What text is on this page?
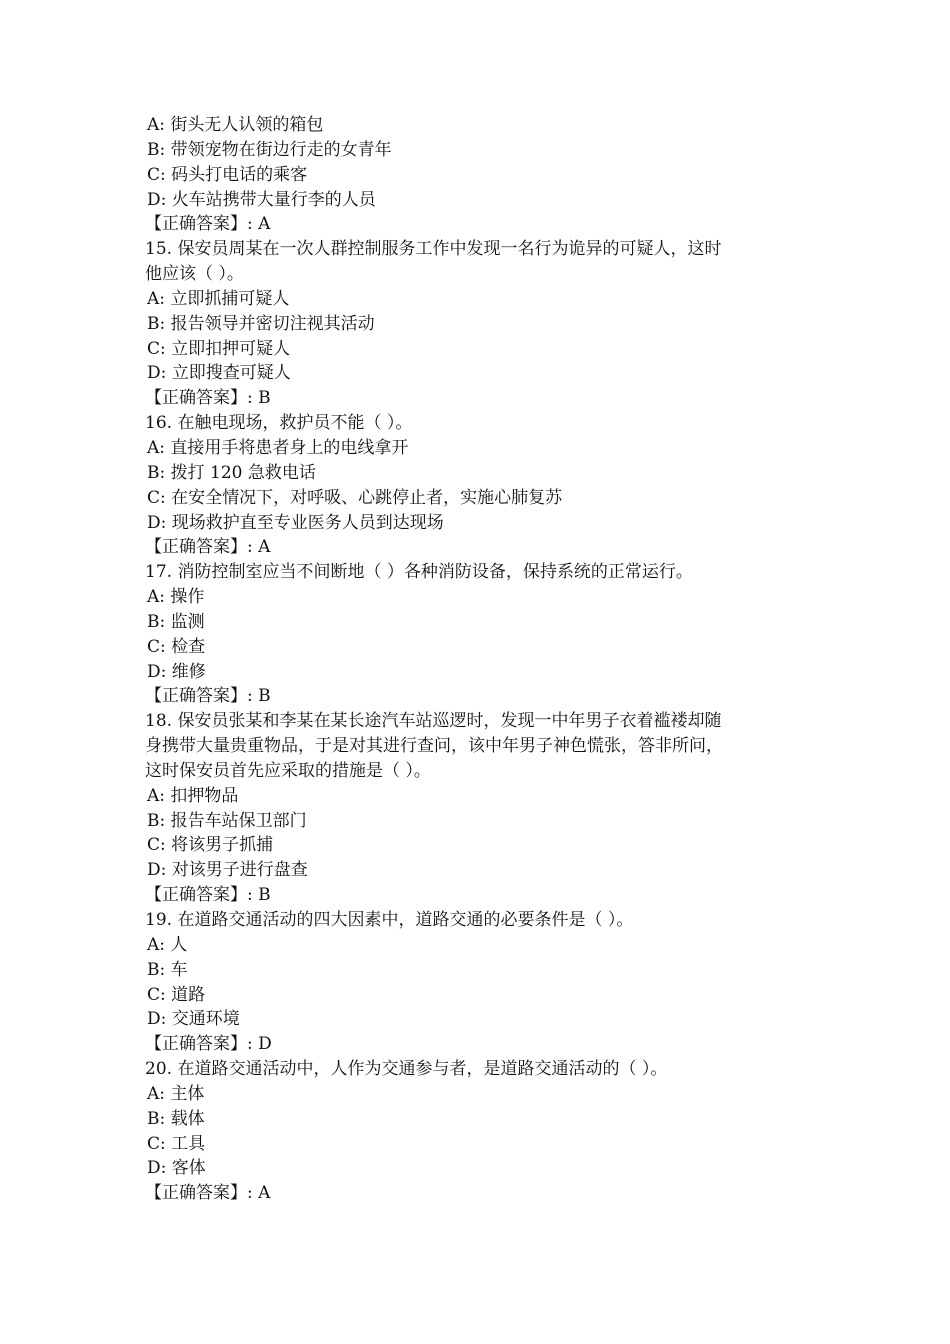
A: 街头无人认领的箱包
B: 带领宠物在街边行走的女青年
C: 码头打电话的乘客
D: 火车站携带大量行李的人员
【正确答案】: A
15. 保安员周某在一次人群控制服务工作中发现一名行为诡异的可疑人，这时
他应该（ ）。
A: 立即抓捕可疑人
B: 报告领导并密切注视其活动
C: 立即扣押可疑人
D: 立即搜查可疑人
【正确答案】: B
16. 在触电现场，救护员不能（ ）。
A: 直接用手将患者身上的电线拿开
B: 拨打 120 急救电话
C: 在安全情况下，对呼吸、心跳停止者，实施心肺复苏
D: 现场救护直至专业医务人员到达现场
【正确答案】: A
17. 消防控制室应当不间断地（ ）各种消防设备，保持系统的正常运行。
A: 操作
B: 监测
C: 检查
D: 维修
【正确答案】: B
18. 保安员张某和李某在某长途汽车站巡逻时，发现一中年男子衣着褴褛却随
身携带大量贵重物品，于是对其进行查问，该中年男子神色慌张，答非所问，
这时保安员首先应采取的措施是（ ）。
A: 扣押物品
B: 报告车站保卫部门
C: 将该男子抓捕
D: 对该男子进行盘查
【正确答案】: B
19. 在道路交通活动的四大因素中，道路交通的必要条件是（ ）。
A: 人
B: 车
C: 道路
D: 交通环境
【正确答案】: D
20. 在道路交通活动中，人作为交通参与者，是道路交通活动的（ ）。
A: 主体
B: 载体
C: 工具
D: 客体
【正确答案】: A
